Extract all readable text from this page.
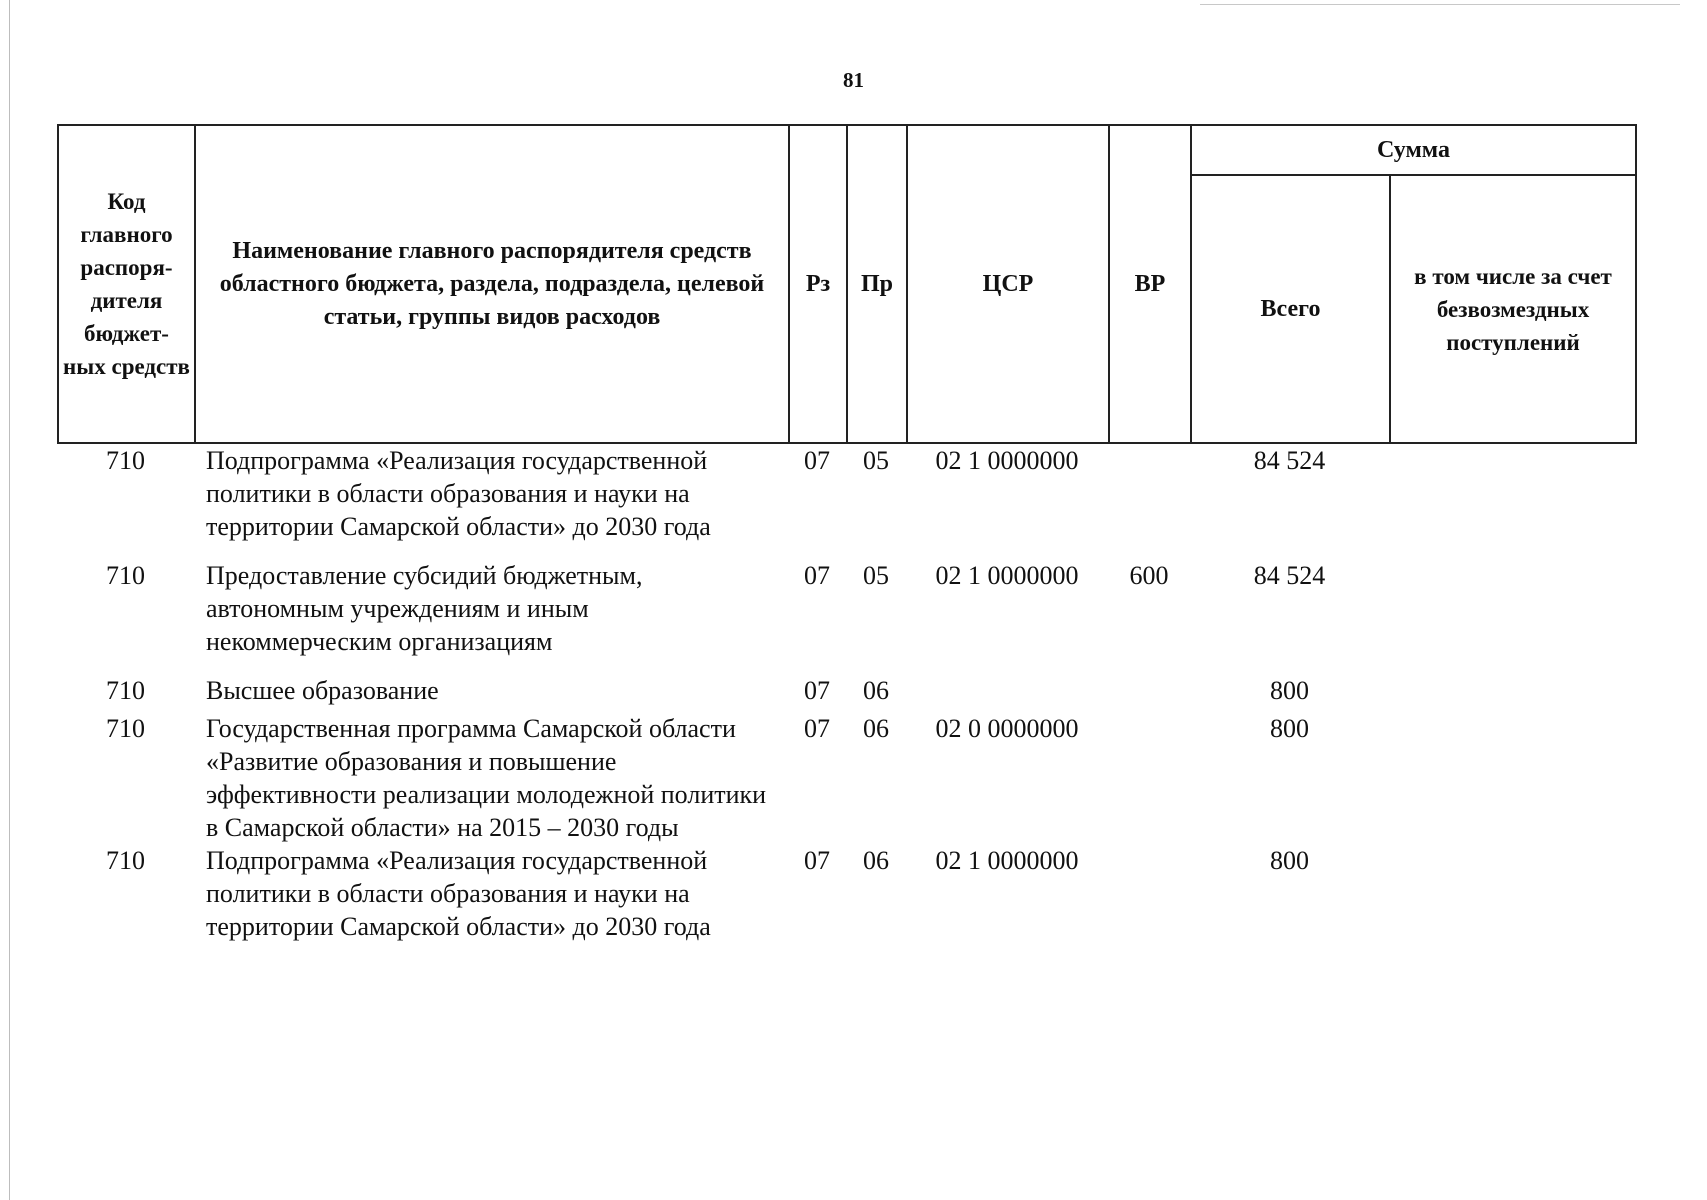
81
Код главного распоря-дителя бюджет-ных средств	Наименование главного распорядителя средств областного бюджета, раздела, подраздела, целевой статьи, группы видов расходов	Рз	Пр	ЦСР	ВР	Сумма	
						Всего	в том числе за счет безвозмездных поступлений
710	Подпрограмма «Реализация государственной политики в области образования и науки на территории Самарской области» до 2030 года	07	05	02 1 0000000		84 524	
710	Предоставление субсидий бюджетным, автономным учреждениям и иным некоммерческим организациям	07	05	02 1 0000000	600	84 524	
710	Высшее образование	07	06			800	
710	Государственная программа Самарской области «Развитие образования и повышение эффективности реализации молодежной политики в Самарской области» на 2015 – 2030 годы	07	06	02 0 0000000		800	
710	Подпрограмма «Реализация государственной политики в области образования и науки на территории Самарской области» до 2030 года	07	06	02 1 0000000		800	
